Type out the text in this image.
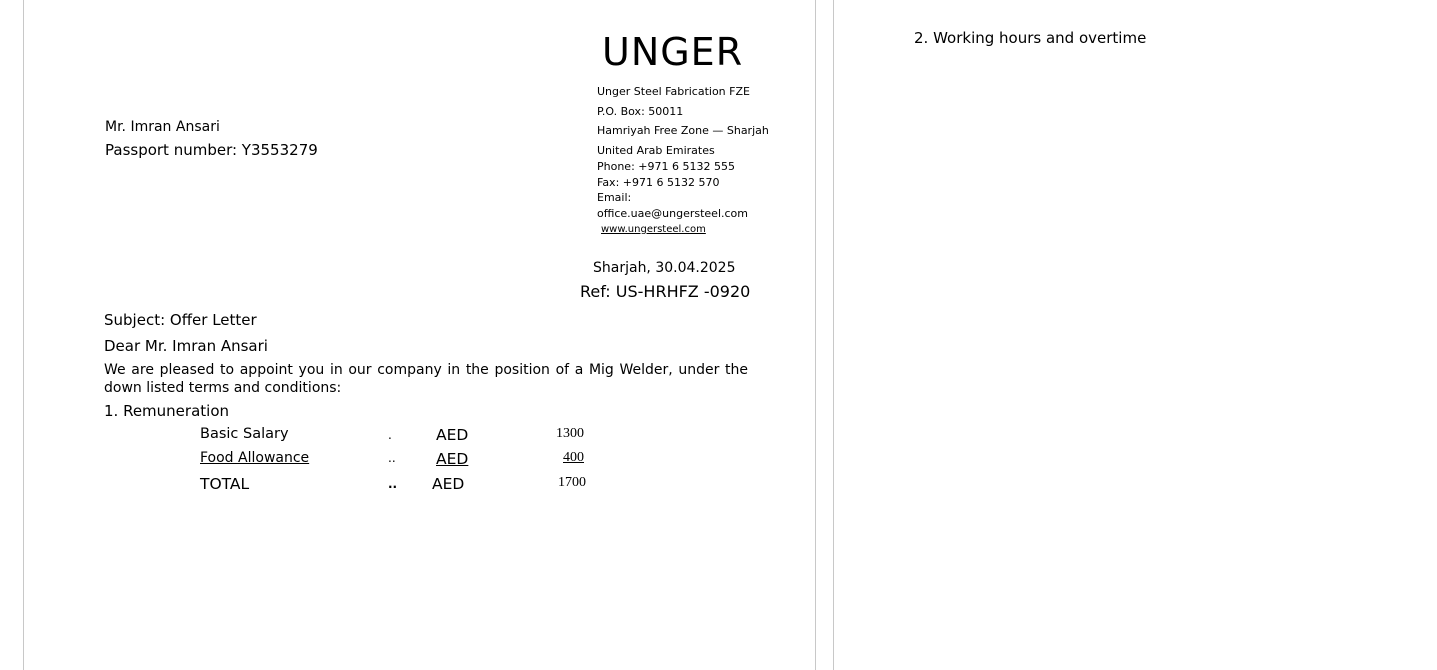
UNGER
Unger Steel Fabrication FZE
P.O. Box: 50011
Hamriyah Free Zone — Sharjah
United Arab Emirates
Phone: +971 6 5132 555
Fax: +971 6 5132 570
Email:
office.uae@ungersteel.com
www.ungersteel.com
Mr. Imran Ansari
Passport number: Y3553279
Sharjah, 30.04.2025
Ref: US-HRHFZ -0920
Subject: Offer Letter
Dear Mr. Imran Ansari
We are pleased to appoint you in our company in the position of a Mig Welder, under the down listed terms and conditions:
1. Remuneration
Basic Salary	.	AED	1300
Food Allowance	..	AED	400
TOTAL	.. AED	1700
2. Working hours and overtime
